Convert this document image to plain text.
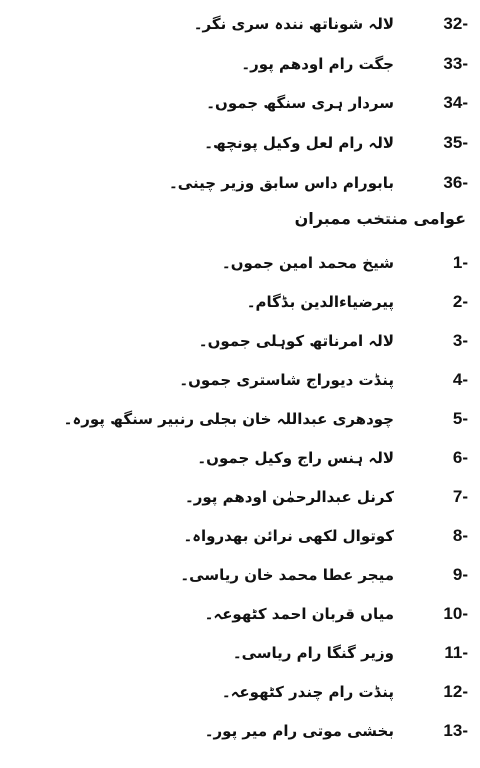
لالہ شوناتھ نندہ سری نگر۔	32-
جگت رام اودھم پور۔	33-
سردار ہری سنگھ جموں۔	34-
لالہ رام لعل وکیل پونچھ۔	35-
بابورام داس سابق وزیر چینی۔	36-
عوامی منتخب ممبران
شیخ محمد امین جموں۔	1-
پیرضیاءالدین بڈگام۔	2-
لالہ امرناتھ کوہلی جموں۔	3-
پنڈت دیوراج شاستری جموں۔	4-
چودھری عبداللہ خان بجلی رنبیر سنگھ پورہ۔	5-
لالہ ہنس راج وکیل جموں۔	6-
کرنل عبدالرحمٰن اودھم پور۔	7-
کوتوال لکھی نرائن بھدرواہ۔	8-
میجر عطا محمد خان ریاسی۔	9-
میاں قربان احمد کٹھوعہ۔	10-
وزیر گنگا رام ریاسی۔	11-
پنڈت رام چندر کٹھوعہ۔	12-
بخشی موتی رام میر پور۔	13-
